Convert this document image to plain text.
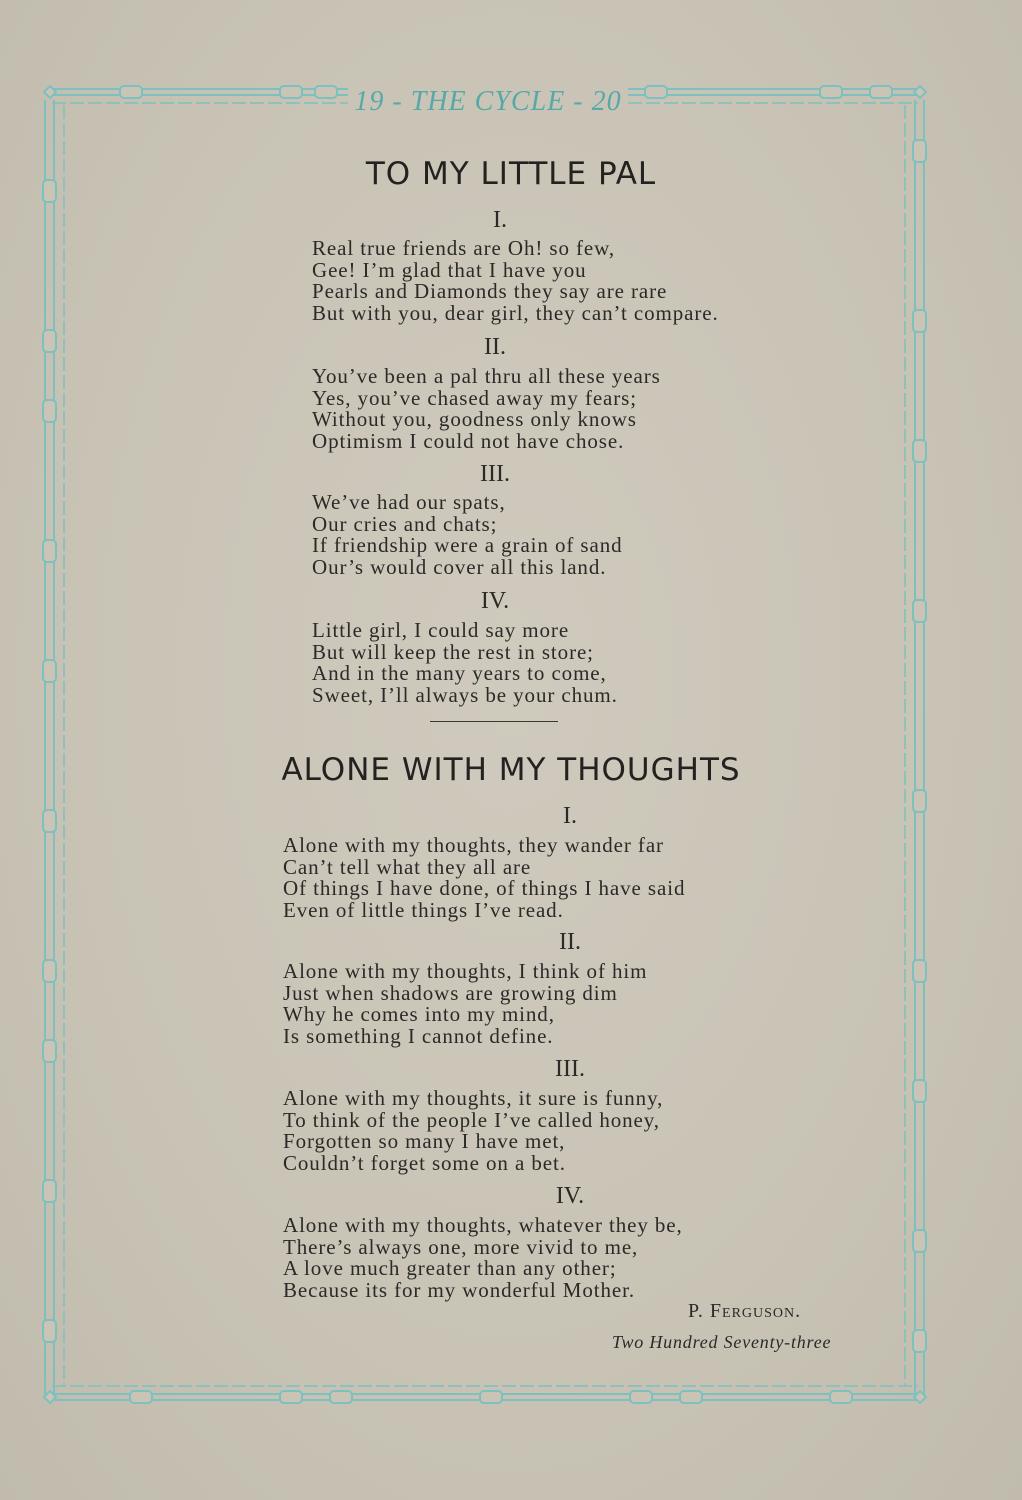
19 - THE CYCLE - 20
TO MY LITTLE PAL
I.
Real true friends are Oh! so few,
Gee! I’m glad that I have you
Pearls and Diamonds they say are rare
But with you, dear girl, they can’t compare.
II.
You’ve been a pal thru all these years
Yes, you’ve chased away my fears;
Without you, goodness only knows
Optimism I could not have chose.
III.
We’ve had our spats,
Our cries and chats;
If friendship were a grain of sand
Our’s would cover all this land.
IV.
Little girl, I could say more
But will keep the rest in store;
And in the many years to come,
Sweet, I’ll always be your chum.
ALONE WITH MY THOUGHTS
I.
Alone with my thoughts, they wander far
Can’t tell what they all are
Of things I have done, of things I have said
Even of little things I’ve read.
II.
Alone with my thoughts, I think of him
Just when shadows are growing dim
Why he comes into my mind,
Is something I cannot define.
III.
Alone with my thoughts, it sure is funny,
To think of the people I’ve called honey,
Forgotten so many I have met,
Couldn’t forget some on a bet.
IV.
Alone with my thoughts, whatever they be,
There’s always one, more vivid to me,
A love much greater than any other;
Because its for my wonderful Mother.
P. Ferguson.
Two Hundred Seventy-three
